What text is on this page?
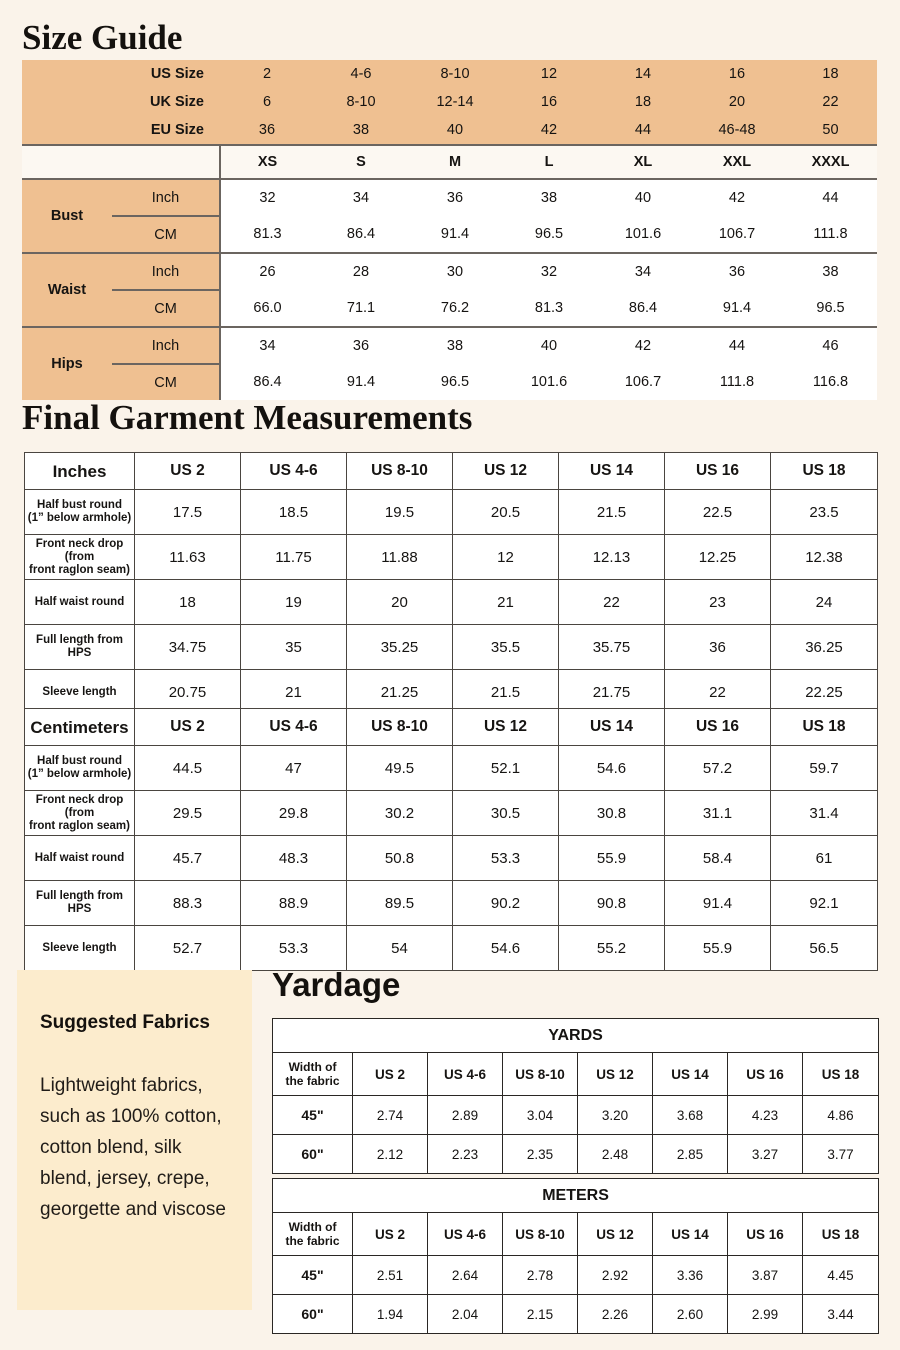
Size Guide
US Size		2	4-6	8-10	12	14	16	18
UK Size		6	8-10	12-14	16	18	20	22
EU Size		36	38	40	42	44	46-48	50
		XS	S	M	L	XL	XXL	XXXL
Bust	Inch	32	34	36	38	40	42	44
	CM	81.3	86.4	91.4	96.5	101.6	106.7	111.8
Waist	Inch	26	28	30	32	34	36	38
	CM	66.0	71.1	76.2	81.3	86.4	91.4	96.5
Hips	Inch	34	36	38	40	42	44	46
	CM	86.4	91.4	96.5	101.6	106.7	111.8	116.8
Final Garment Measurements
Inches	US 2	US 4-6	US 8-10	US 12	US 14	US 16	US 18
Half bust round
(1” below armhole)	17.5	18.5	19.5	20.5	21.5	22.5	23.5
Front neck drop (from
front raglon seam)	11.63	11.75	11.88	12	12.13	12.25	12.38
Half waist round	18	19	20	21	22	23	24
Full length from HPS	34.75	35	35.25	35.5	35.75	36	36.25
Sleeve length	20.75	21	21.25	21.5	21.75	22	22.25
Centimeters	US 2	US 4-6	US 8-10	US 12	US 14	US 16	US 18
Half bust round
(1” below armhole)	44.5	47	49.5	52.1	54.6	57.2	59.7
Front neck drop (from
front raglon seam)	29.5	29.8	30.2	30.5	30.8	31.1	31.4
Half waist round	45.7	48.3	50.8	53.3	55.9	58.4	61
Full length from HPS	88.3	88.9	89.5	90.2	90.8	91.4	92.1
Sleeve length	52.7	53.3	54	54.6	55.2	55.9	56.5
Suggested Fabrics
Lightweight fabrics, such as 100% cotton, cotton blend, silk blend, jersey, crepe, georgette and viscose
Yardage
YARDS							
Width of
the fabric	US 2	US 4-6	US 8-10	US 12	US 14	US 16	US 18
45"	2.74	2.89	3.04	3.20	3.68	4.23	4.86
60"	2.12	2.23	2.35	2.48	2.85	3.27	3.77
METERS							
Width of
the fabric	US 2	US 4-6	US 8-10	US 12	US 14	US 16	US 18
45"	2.51	2.64	2.78	2.92	3.36	3.87	4.45
60"	1.94	2.04	2.15	2.26	2.60	2.99	3.44
